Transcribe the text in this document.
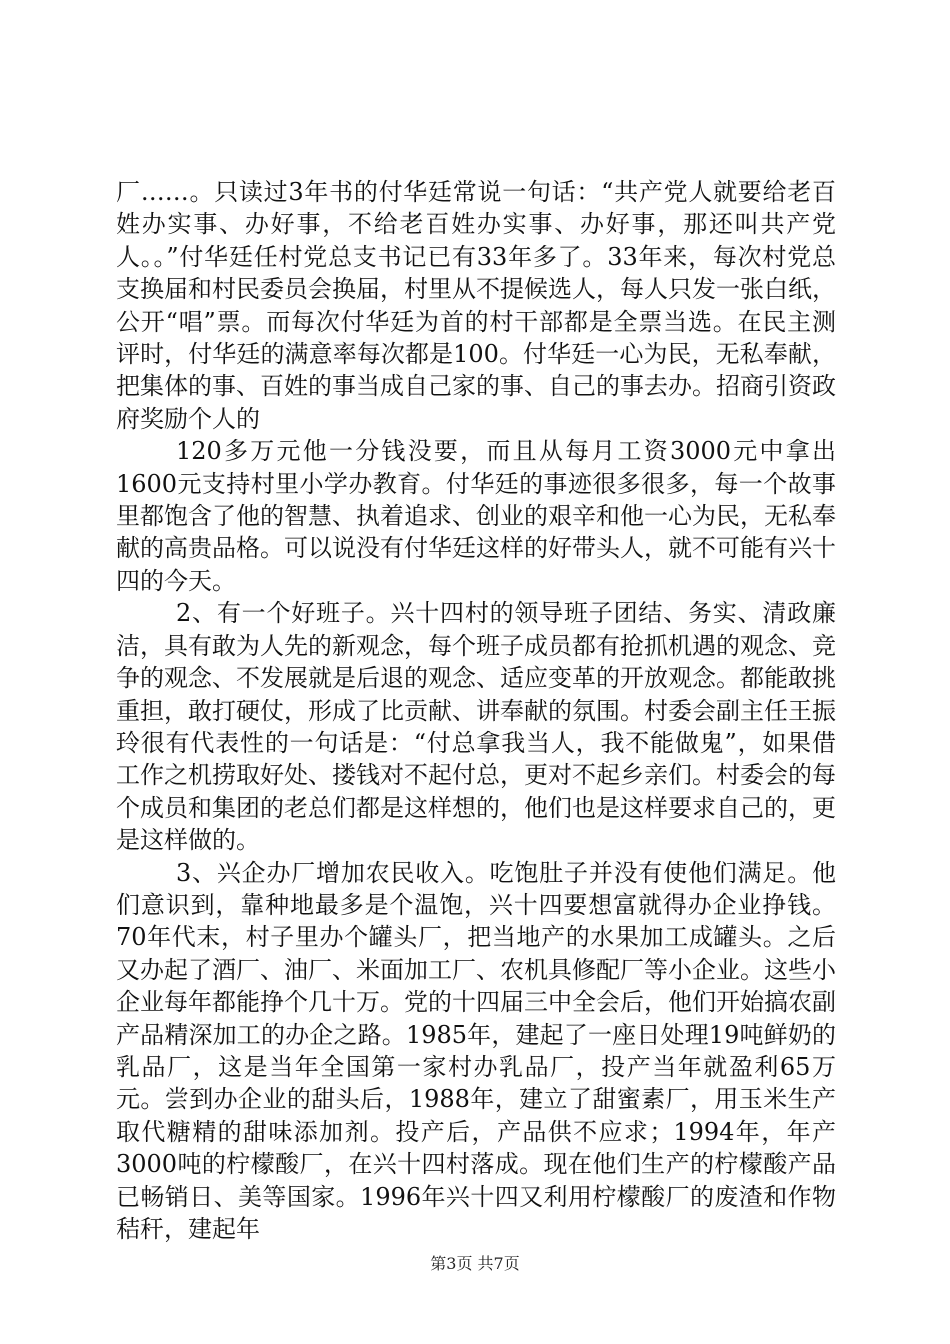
厂……。只读过3年书的付华廷常说一句话：“共产党人就要给老百姓办实事、办好事，不给老百姓办实事、办好事，那还叫共产党人。。”付华廷任村党总支书记已有33年多了。33年来，每次村党总支换届和村民委员会换届，村里从不提候选人，每人只发一张白纸，公开“唱”票。而每次付华廷为首的村干部都是全票当选。在民主测评时，付华廷的满意率每次都是100。付华廷一心为民，无私奉献，把集体的事、百姓的事当成自己家的事、自己的事去办。招商引资政府奖励个人的

120多万元他一分钱没要，而且从每月工资3000元中拿出1600元支持村里小学办教育。付华廷的事迹很多很多，每一个故事里都饱含了他的智慧、执着追求、创业的艰辛和他一心为民，无私奉献的高贵品格。可以说没有付华廷这样的好带头人，就不可能有兴十四的今天。

2、有一个好班子。兴十四村的领导班子团结、务实、清政廉洁，具有敢为人先的新观念，每个班子成员都有抢抓机遇的观念、竞争的观念、不发展就是后退的观念、适应变革的开放观念。都能敢挑重担，敢打硬仗，形成了比贡献、讲奉献的氛围。村委会副主任王振玲很有代表性的一句话是：“付总拿我当人，我不能做鬼”，如果借工作之机捞取好处、搂钱对不起付总，更对不起乡亲们。村委会的每个成员和集团的老总们都是这样想的，他们也是这样要求自己的，更是这样做的。

3、兴企办厂增加农民收入。吃饱肚子并没有使他们满足。他们意识到，靠种地最多是个温饱，兴十四要想富就得办企业挣钱。70年代末，村子里办个罐头厂，把当地产的水果加工成罐头。之后又办起了酒厂、油厂、米面加工厂、农机具修配厂等小企业。这些小企业每年都能挣个几十万。党的十四届三中全会后，他们开始搞农副产品精深加工的办企之路。1985年，建起了一座日处理19吨鲜奶的乳品厂，这是当年全国第一家村办乳品厂，投产当年就盈利65万元。尝到办企业的甜头后，1988年，建立了甜蜜素厂，用玉米生产取代糖精的甜味添加剂。投产后，产品供不应求；1994年，年产3000吨的柠檬酸厂，在兴十四村落成。现在他们生产的柠檬酸产品已畅销日、美等国家。1996年兴十四又利用柠檬酸厂的废渣和作物秸秆，建起年

第3页 共7页
